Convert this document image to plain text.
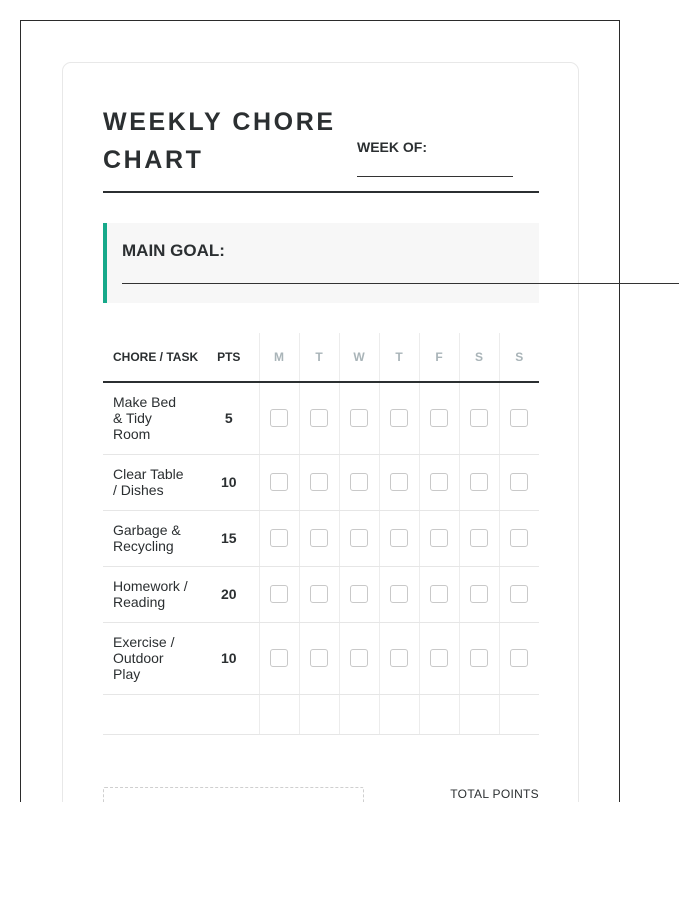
WEEKLY CHORE CHART	WEEK OF:
MAIN GOAL:
CHORE / TASK	PTS	M	T	W	T	F	S	S
Make Bed & Tidy Room	5							
Clear Table / Dishes	10							
Garbage & Recycling	15							
Homework / Reading	20							
Exercise / Outdoor Play	10							

TOTAL POINTS
